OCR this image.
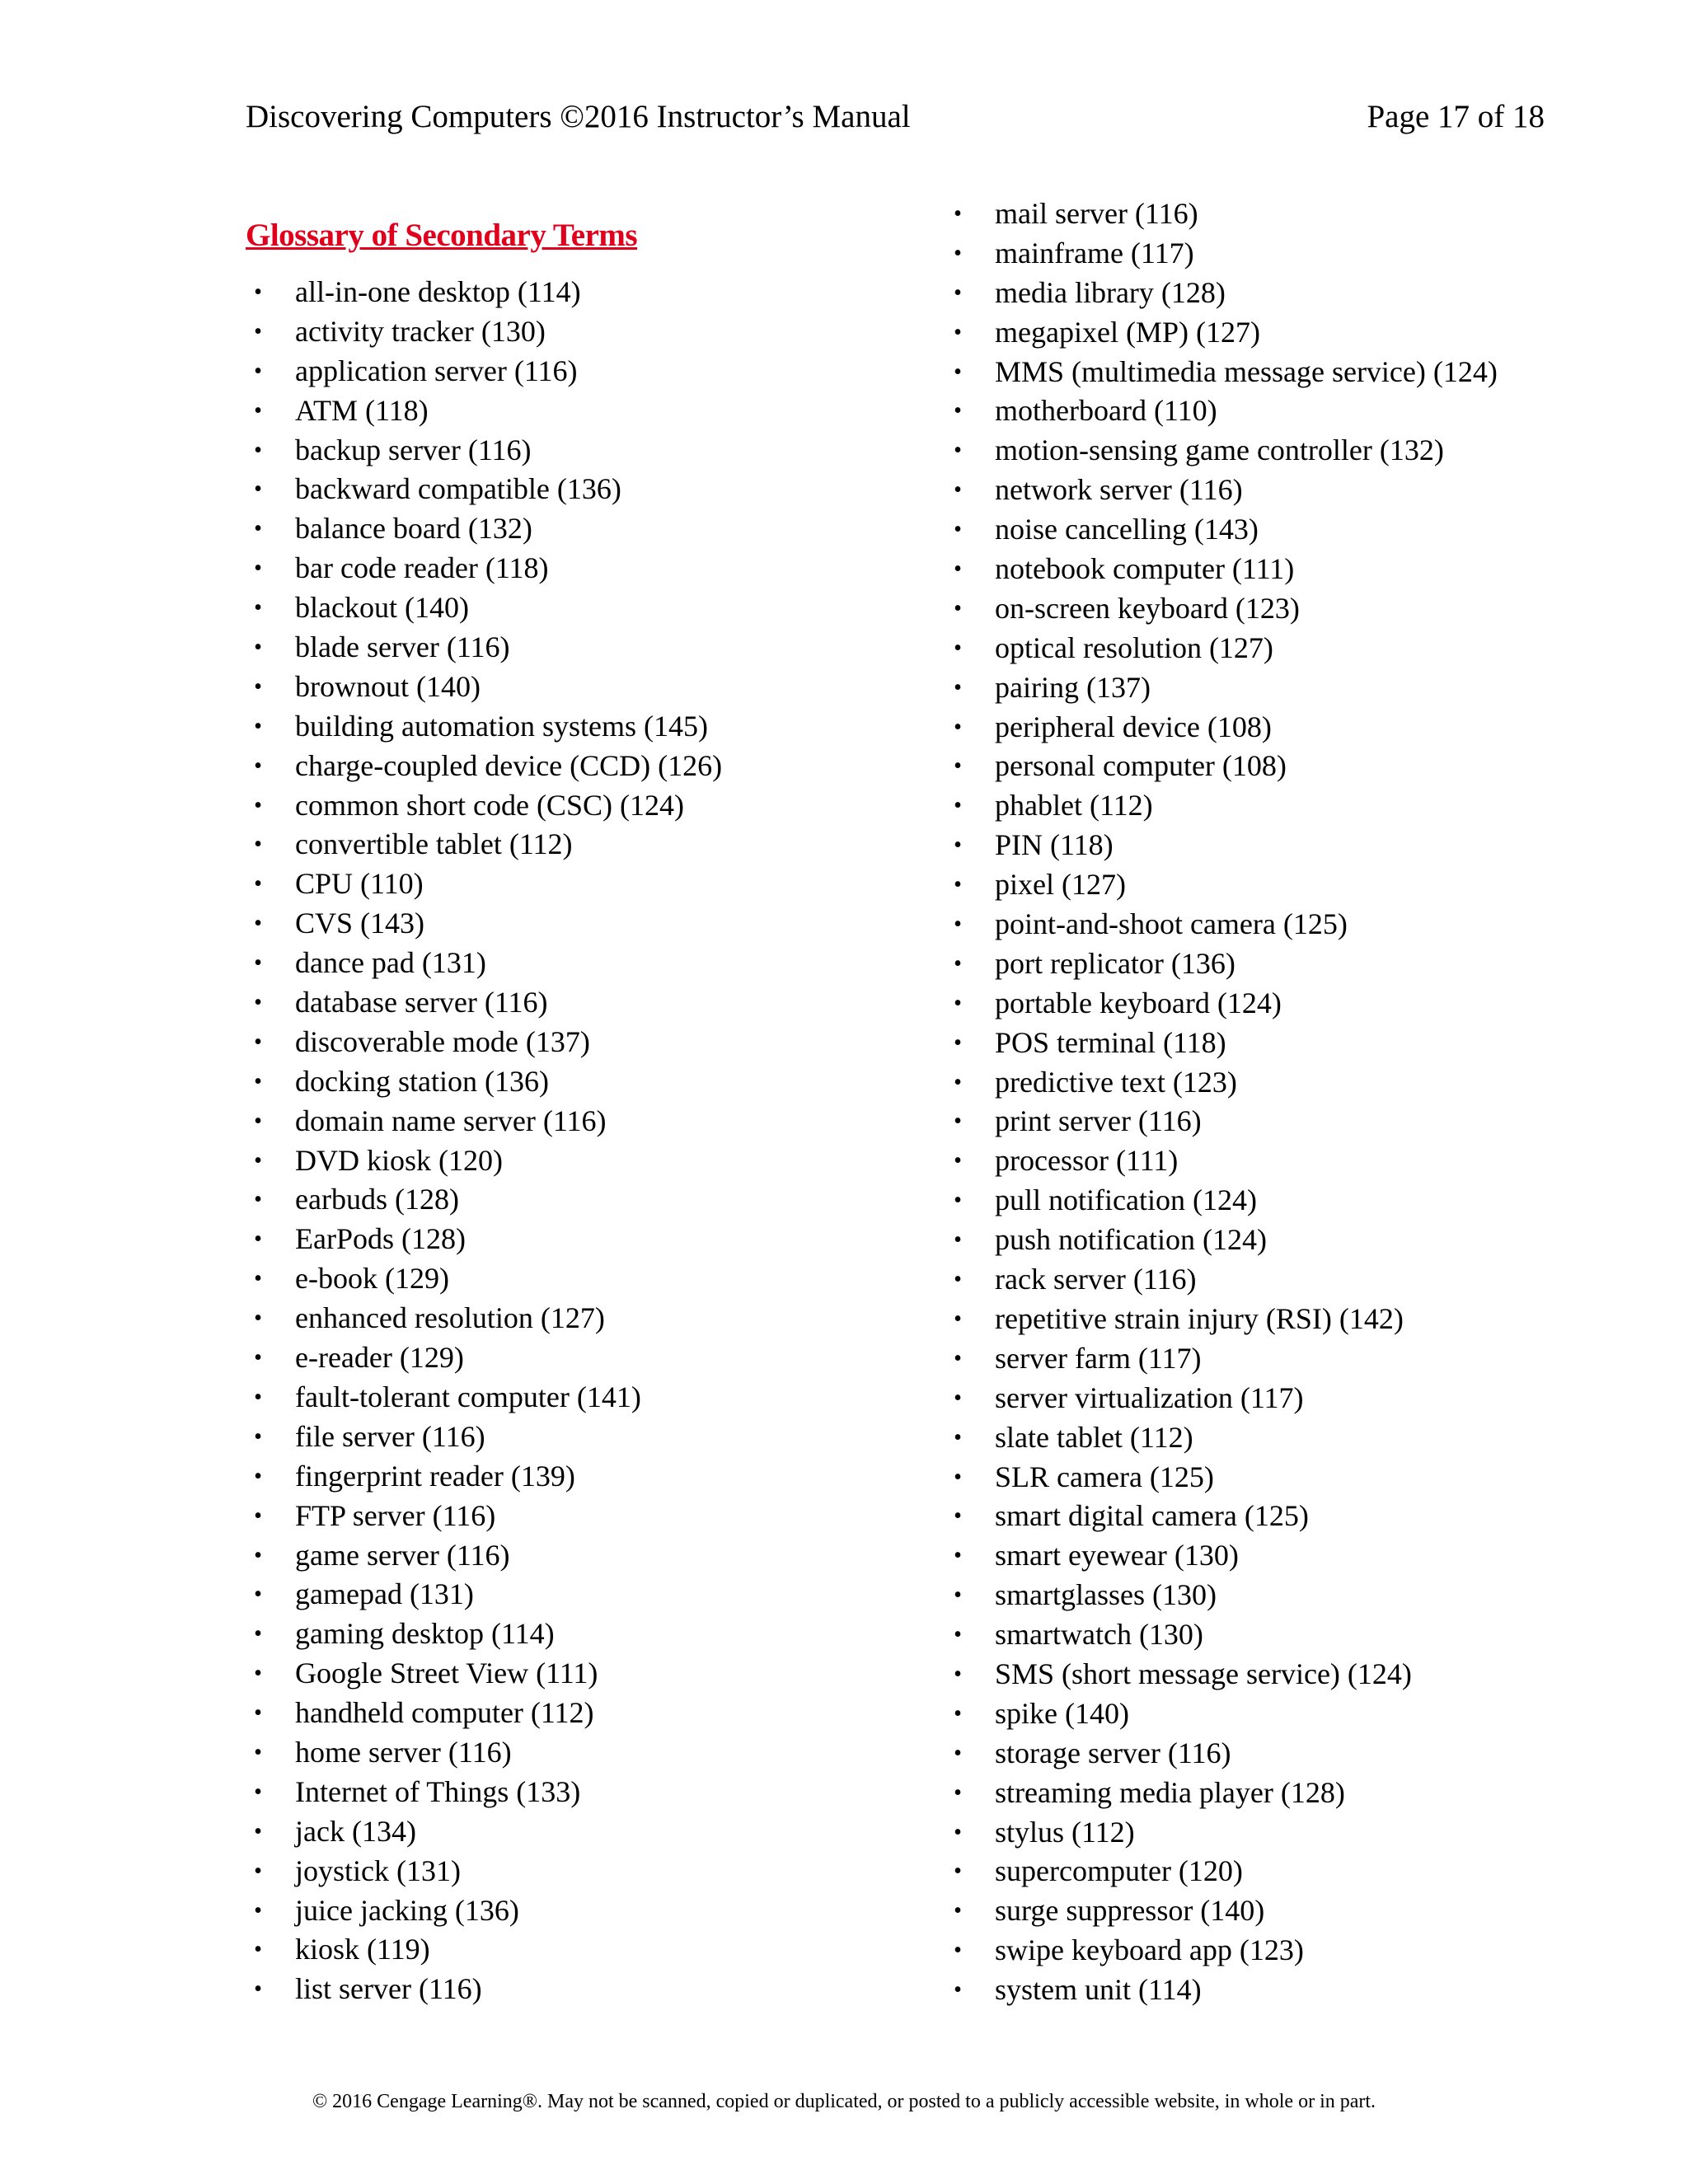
Discovering Computers ©2016 Instructor’s Manual	Page 17 of 18
Glossary of Secondary Terms
• all-in-one desktop (114)
• activity tracker (130)
• application server (116)
• ATM (118)
• backup server (116)
• backward compatible (136)
• balance board (132)
• bar code reader (118)
• blackout (140)
• blade server (116)
• brownout (140)
• building automation systems (145)
• charge-coupled device (CCD) (126)
• common short code (CSC) (124)
• convertible tablet (112)
• CPU (110)
• CVS (143)
• dance pad (131)
• database server (116)
• discoverable mode (137)
• docking station (136)
• domain name server (116)
• DVD kiosk (120)
• earbuds (128)
• EarPods (128)
• e-book (129)
• enhanced resolution (127)
• e-reader (129)
• fault-tolerant computer (141)
• file server (116)
• fingerprint reader (139)
• FTP server (116)
• game server (116)
• gamepad (131)
• gaming desktop (114)
• Google Street View (111)
• handheld computer (112)
• home server (116)
• Internet of Things (133)
• jack (134)
• joystick (131)
• juice jacking (136)
• kiosk (119)
• list server (116)
• mail server (116)
• mainframe (117)
• media library (128)
• megapixel (MP) (127)
• MMS (multimedia message service) (124)
• motherboard (110)
• motion-sensing game controller (132)
• network server (116)
• noise cancelling (143)
• notebook computer (111)
• on-screen keyboard (123)
• optical resolution (127)
• pairing (137)
• peripheral device (108)
• personal computer (108)
• phablet (112)
• PIN (118)
• pixel (127)
• point-and-shoot camera (125)
• port replicator (136)
• portable keyboard (124)
• POS terminal (118)
• predictive text (123)
• print server (116)
• processor (111)
• pull notification (124)
• push notification (124)
• rack server (116)
• repetitive strain injury (RSI) (142)
• server farm (117)
• server virtualization (117)
• slate tablet (112)
• SLR camera (125)
• smart digital camera (125)
• smart eyewear (130)
• smartglasses (130)
• smartwatch (130)
• SMS (short message service) (124)
• spike (140)
• storage server (116)
• streaming media player (128)
• stylus (112)
• supercomputer (120)
• surge suppressor (140)
• swipe keyboard app (123)
• system unit (114)
© 2016 Cengage Learning®. May not be scanned, copied or duplicated, or posted to a publicly accessible website, in whole or in part.
